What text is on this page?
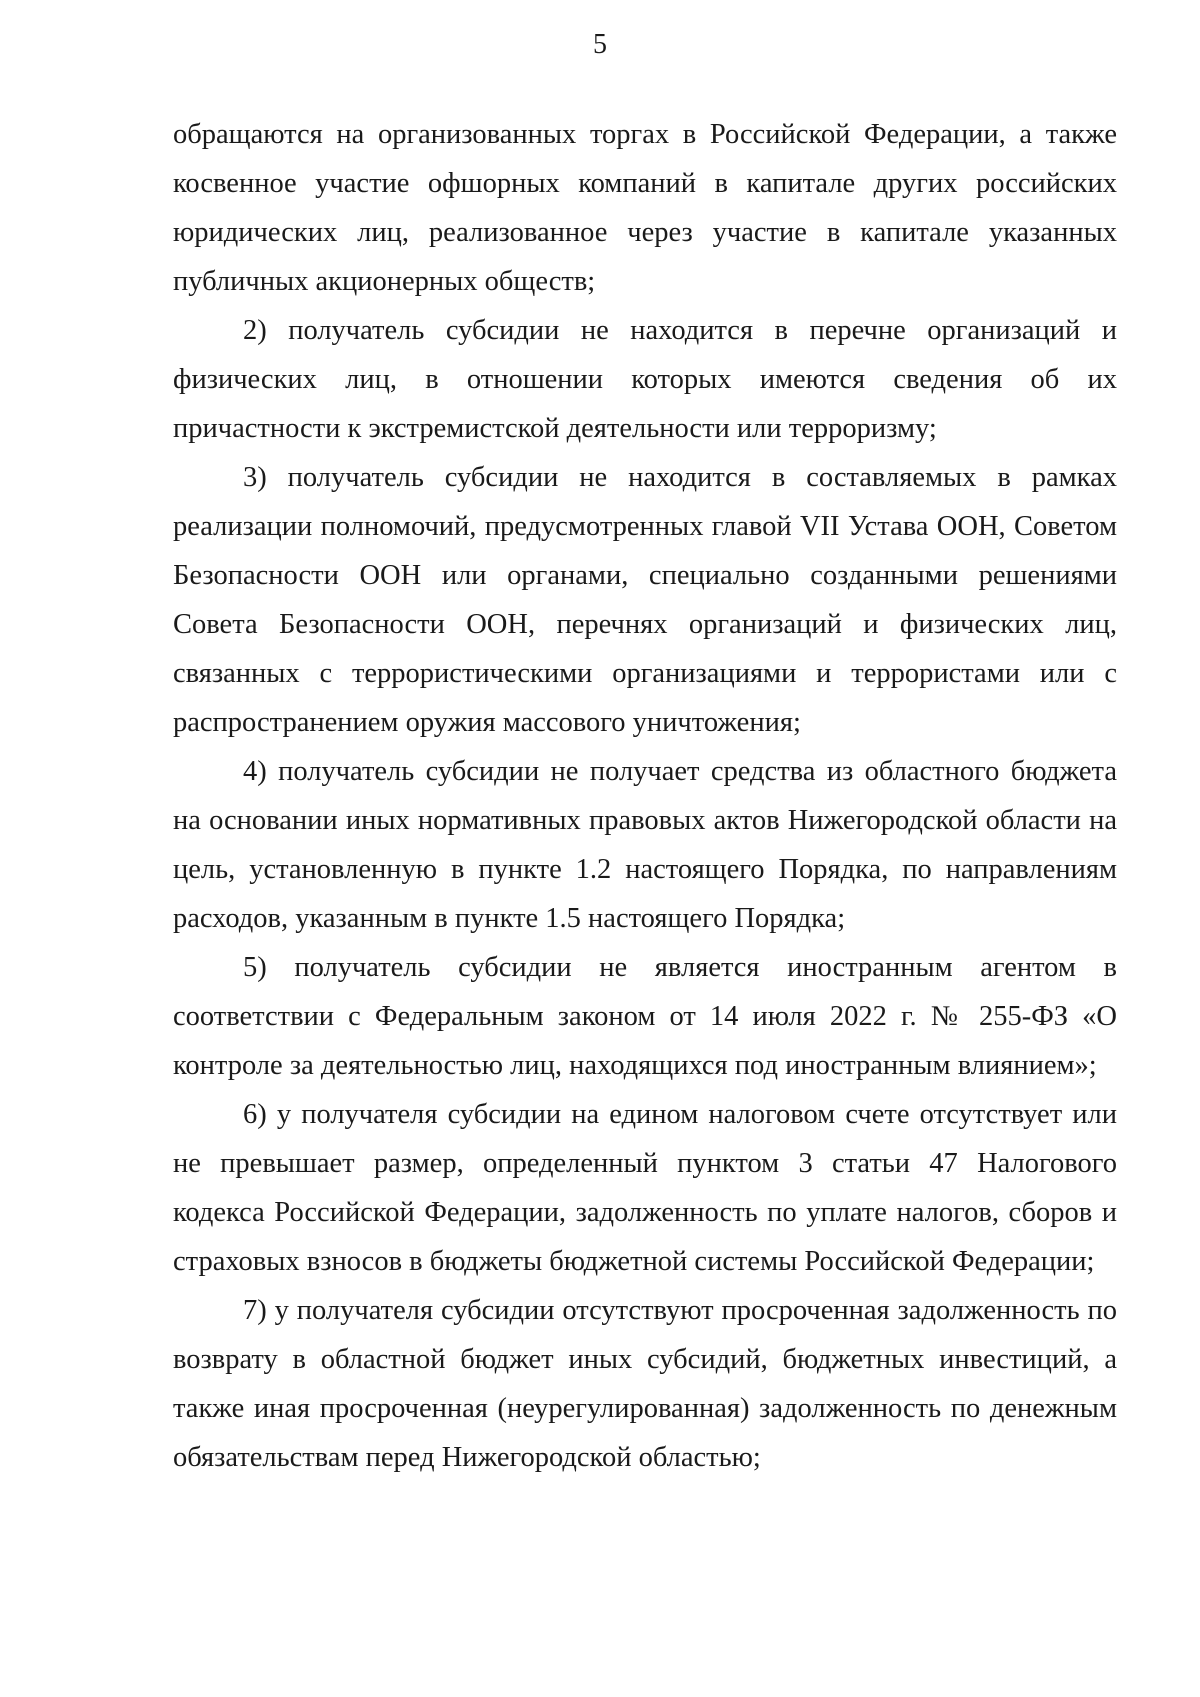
5

обращаются на организованных торгах в Российской Федерации, а также косвенное участие офшорных компаний в капитале других российских юридических лиц, реализованное через участие в капитале указанных публичных акционерных обществ;

2) получатель субсидии не находится в перечне организаций и физических лиц, в отношении которых имеются сведения об их причастности к экстремистской деятельности или терроризму;

3) получатель субсидии не находится в составляемых в рамках реализации полномочий, предусмотренных главой VII Устава ООН, Советом Безопасности ООН или органами, специально созданными решениями Совета Безопасности ООН, перечнях организаций и физических лиц, связанных с террористическими организациями и террористами или с распространением оружия массового уничтожения;

4) получатель субсидии не получает средства из областного бюджета на основании иных нормативных правовых актов Нижегородской области на цель, установленную в пункте 1.2 настоящего Порядка, по направлениям расходов, указанным в пункте 1.5 настоящего Порядка;

5) получатель субсидии не является иностранным агентом в соответствии с Федеральным законом от 14 июля 2022 г. № 255-ФЗ «О контроле за деятельностью лиц, находящихся под иностранным влиянием»;

6) у получателя субсидии на едином налоговом счете отсутствует или не превышает размер, определенный пунктом 3 статьи 47 Налогового кодекса Российской Федерации, задолженность по уплате налогов, сборов и страховых взносов в бюджеты бюджетной системы Российской Федерации;

7) у получателя субсидии отсутствуют просроченная задолженность по возврату в областной бюджет иных субсидий, бюджетных инвестиций, а также иная просроченная (неурегулированная) задолженность по денежным обязательствам перед Нижегородской областью;
